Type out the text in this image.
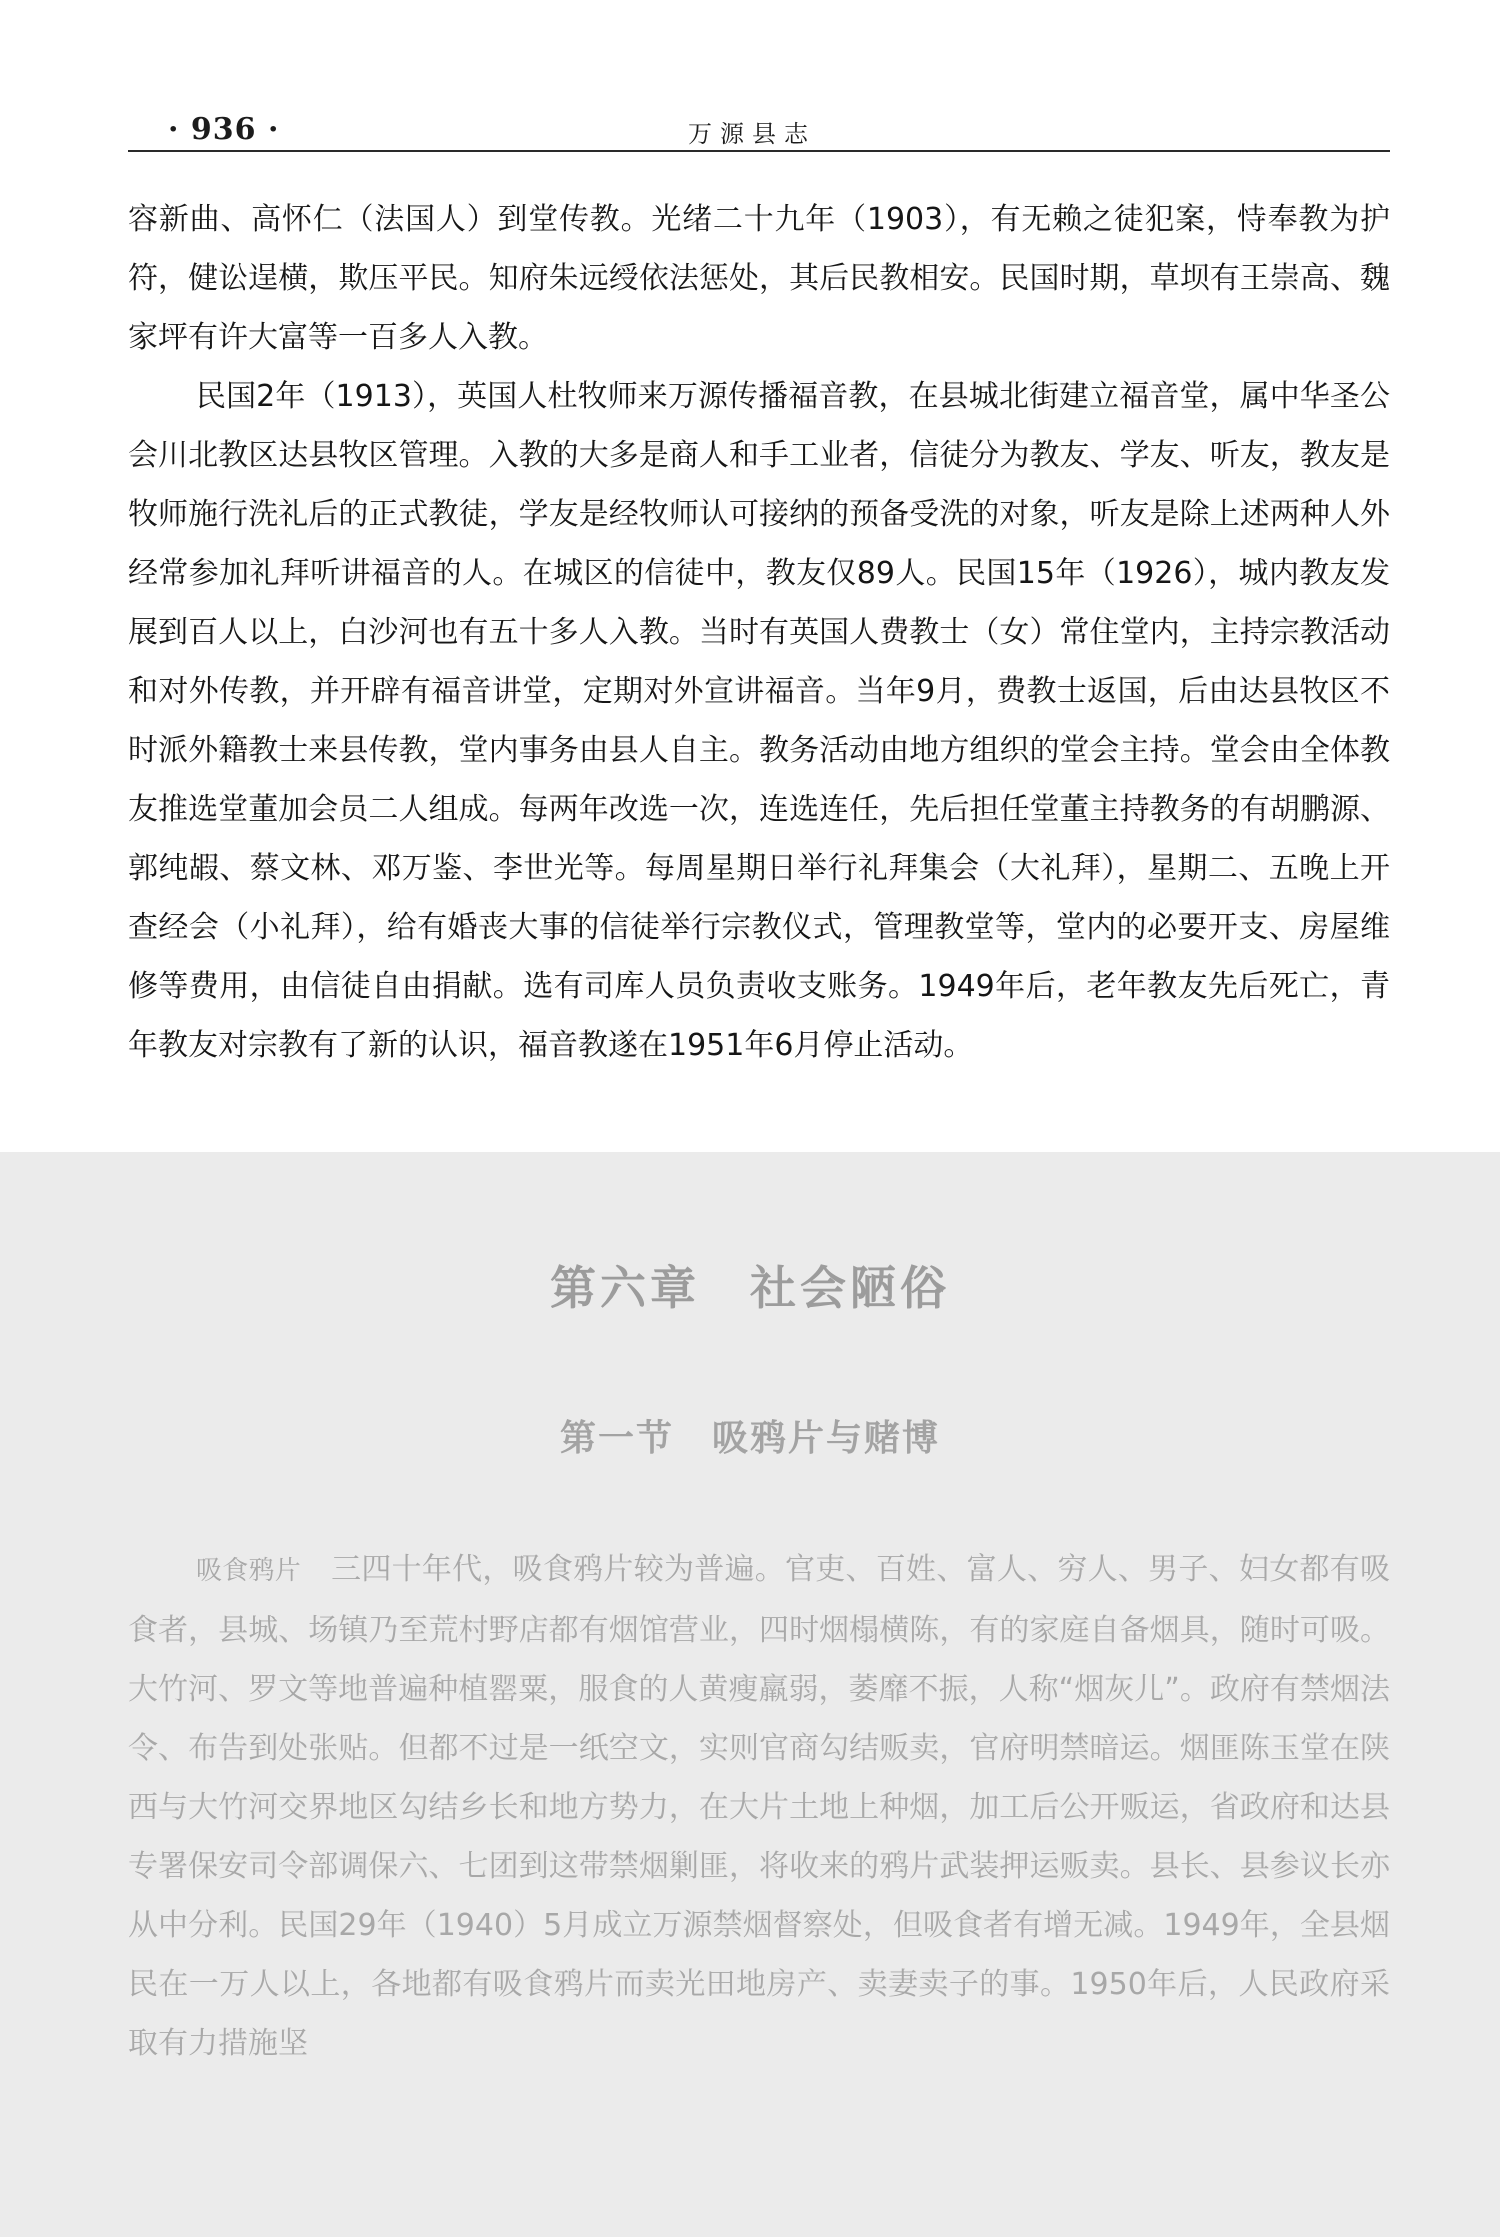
· 936 ·	万源县志

容新曲、高怀仁（法国人）到堂传教。光绪二十九年（1903），有无赖之徒犯案，恃奉教为护符，健讼逞横，欺压平民。知府朱远绶依法惩处，其后民教相安。民国时期，草坝有王崇高、魏家坪有许大富等一百多人入教。

民国2年（1913），英国人杜牧师来万源传播福音教，在县城北街建立福音堂，属中华圣公会川北教区达县牧区管理。入教的大多是商人和手工业者，信徒分为教友、学友、听友，教友是牧师施行洗礼后的正式教徒，学友是经牧师认可接纳的预备受洗的对象，听友是除上述两种人外经常参加礼拜听讲福音的人。在城区的信徒中，教友仅89人。民国15年（1926），城内教友发展到百人以上，白沙河也有五十多人入教。当时有英国人费教士（女）常住堂内，主持宗教活动和对外传教，并开辟有福音讲堂，定期对外宣讲福音。当年9月，费教士返国，后由达县牧区不时派外籍教士来县传教，堂内事务由县人自主。教务活动由地方组织的堂会主持。堂会由全体教友推选堂董加会员二人组成。每两年改选一次，连选连任，先后担任堂董主持教务的有胡鹏源、郭纯嘏、蔡文林、邓万鉴、李世光等。每周星期日举行礼拜集会（大礼拜），星期二、五晚上开查经会（小礼拜），给有婚丧大事的信徒举行宗教仪式，管理教堂等，堂内的必要开支、房屋维修等费用，由信徒自由捐献。选有司库人员负责收支账务。1949年后，老年教友先后死亡，青年教友对宗教有了新的认识，福音教遂在1951年6月停止活动。

第六章　社会陋俗
第一节　吸鸦片与赌博

吸食鸦片 三四十年代，吸食鸦片较为普遍。官吏、百姓、富人、穷人、男子、妇女都有吸食者，县城、场镇乃至荒村野店都有烟馆营业，四时烟榻横陈，有的家庭自备烟具，随时可吸。大竹河、罗文等地普遍种植罂粟，服食的人黄瘦羸弱，萎靡不振，人称“烟灰儿”。政府有禁烟法令、布告到处张贴。但都不过是一纸空文，实则官商勾结贩卖，官府明禁暗运。烟匪陈玉堂在陕西与大竹河交界地区勾结乡长和地方势力，在大片土地上种烟，加工后公开贩运，省政府和达县专署保安司令部调保六、七团到这带禁烟剿匪，将收来的鸦片武装押运贩卖。县长、县参议长亦从中分利。民国29年（1940）5月成立万源禁烟督察处，但吸食者有增无减。1949年，全县烟民在一万人以上，各地都有吸食鸦片而卖光田地房产、卖妻卖子的事。1950年后，人民政府采取有力措施坚
